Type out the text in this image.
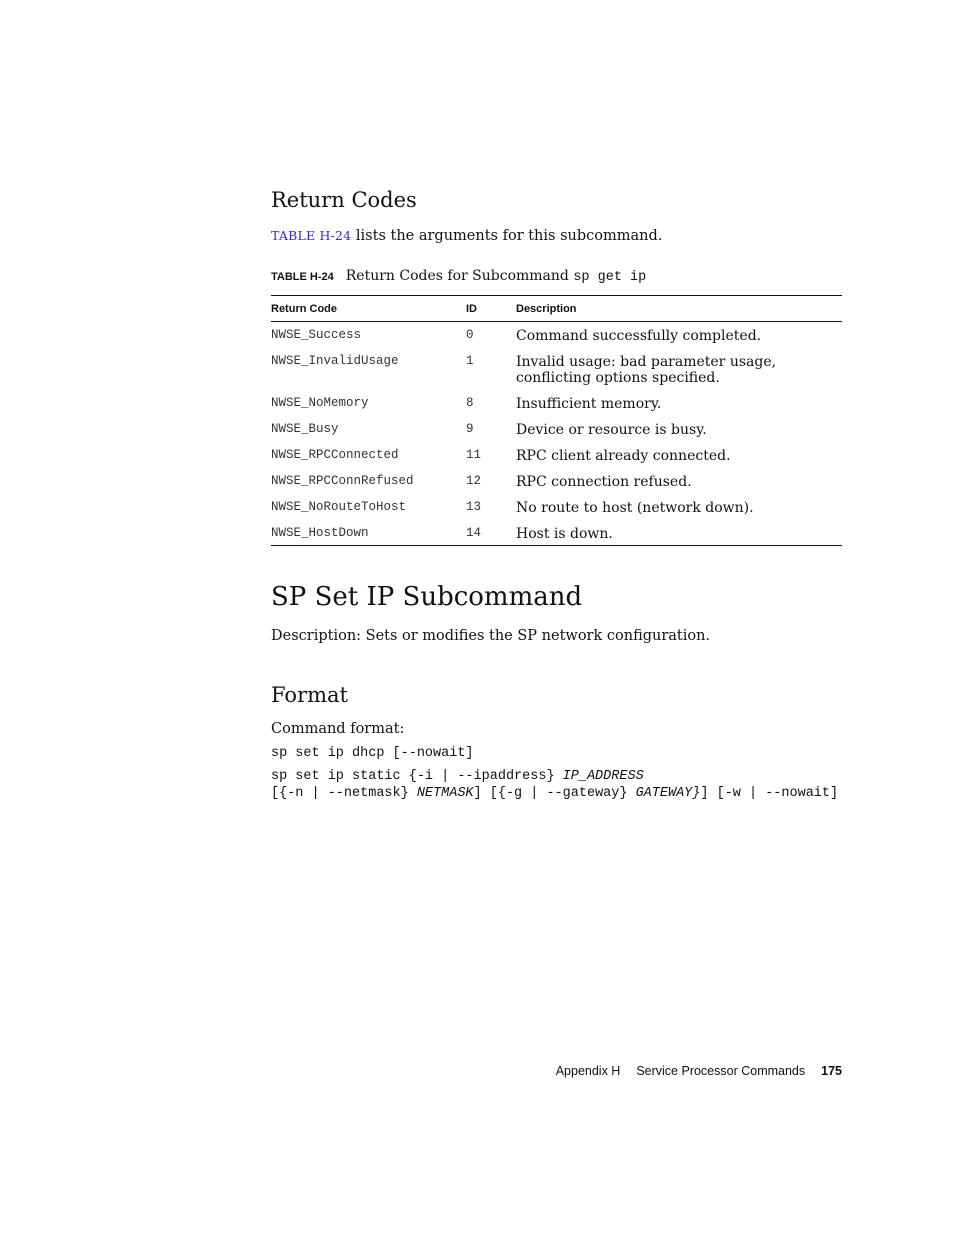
Return Codes
TABLE H-24 lists the arguments for this subcommand.
TABLE H-24 Return Codes for Subcommand sp get ip
Return Code	ID	Description
NWSE_Success	0	Command successfully completed.
NWSE_InvalidUsage	1	Invalid usage: bad parameter usage, conflicting options specified.
NWSE_NoMemory	8	Insufficient memory.
NWSE_Busy	9	Device or resource is busy.
NWSE_RPCConnected	11 RPC client already connected.
NWSE_RPCConnRefused	12 RPC connection refused.
NWSE_NoRouteToHost	13 No route to host (network down).
NWSE_HostDown	14 Host is down.
SP Set IP Subcommand
Description: Sets or modifies the SP network configuration.
Format
Command format:
sp set ip dhcp [--nowait]
sp set ip static {-i | --ipaddress} IP_ADDRESS
[{-n | --netmask} NETMASK] [{-g | --gateway} GATEWAY}] [-w | --nowait]
Appendix H Service Processor Commands 175
